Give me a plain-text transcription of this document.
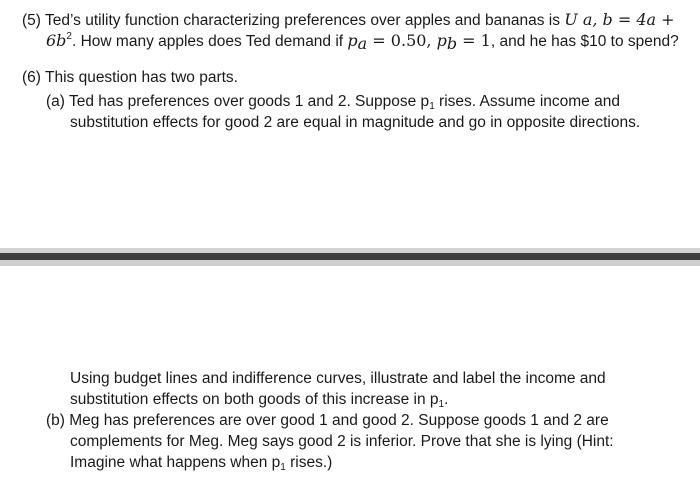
(5) Ted’s utility function characterizing preferences over apples and bananas is U a, b = 4a +
$6b^2$. How many apples does Ted demand if $p_a = 0.50$, $p_b = 1$, and he has $10 to spend?
(6) This question has two parts.
(a) Ted has preferences over goods 1 and 2. Suppose $p_1$ rises. Assume income and
substitution effects for good 2 are equal in magnitude and go in opposite directions.
Using budget lines and indifference curves, illustrate and label the income and
substitution effects on both goods of this increase in $p_1$.
(b) Meg has preferences are over good 1 and good 2. Suppose goods 1 and 2 are
complements for Meg. Meg says good 2 is inferior. Prove that she is lying (Hint:
Imagine what happens when $p_1$ rises.)
